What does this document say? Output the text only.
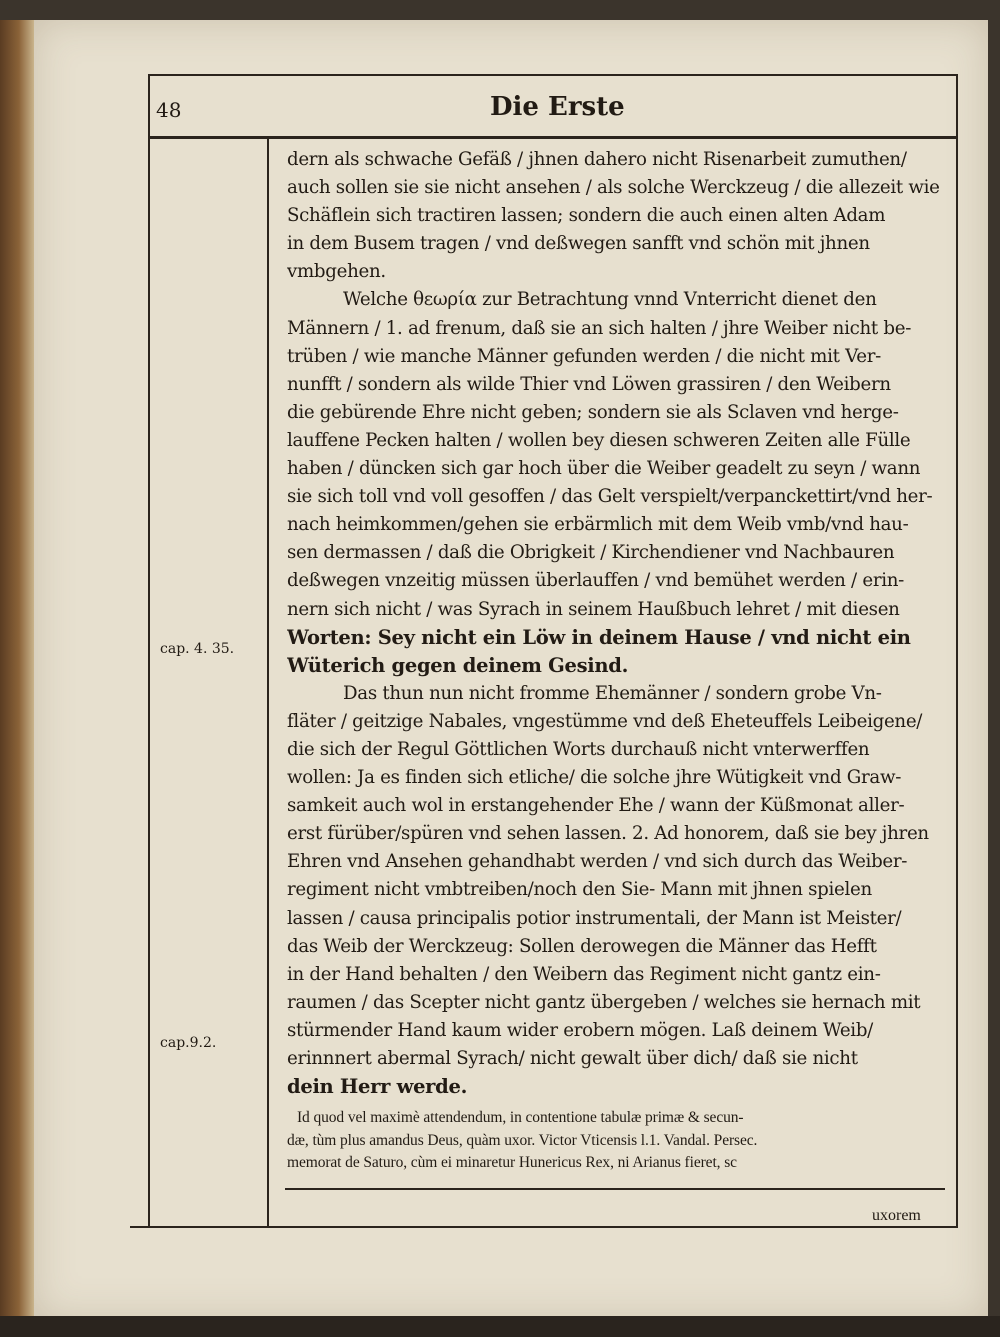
48	Die Erste
cap. 4. 35.
cap.9.2.
dern als schwache Gefäß / jhnen dahero nicht Risenarbeit zumuthen/
auch sollen sie sie nicht ansehen / als solche Werckzeug / die allezeit wie
Schäflein sich tractiren lassen; sondern die auch einen alten Adam
in dem Busem tragen / vnd deßwegen sanfft vnd schön mit jhnen
vmbgehen.
Welche θεωρία zur Betrachtung vnnd Vnterricht dienet den
Männern / 1. ad frenum, daß sie an sich halten / jhre Weiber nicht be-
trüben / wie manche Männer gefunden werden / die nicht mit Ver-
nunfft / sondern als wilde Thier vnd Löwen grassiren / den Weibern
die gebürende Ehre nicht geben; sondern sie als Sclaven vnd herge-
lauffene Pecken halten / wollen bey diesen schweren Zeiten alle Fülle
haben / düncken sich gar hoch über die Weiber geadelt zu seyn / wann
sie sich toll vnd voll gesoffen / das Gelt verspielt/verpanckettirt/vnd her-
nach heimkommen/gehen sie erbärmlich mit dem Weib vmb/vnd hau-
sen dermassen / daß die Obrigkeit / Kirchendiener vnd Nachbauren
deßwegen vnzeitig müssen überlauffen / vnd bemühet werden / erin-
nern sich nicht / was Syrach in seinem Haußbuch lehret / mit diesen
Worten: Sey nicht ein Löw in deinem Hause / vnd nicht ein
Wüterich gegen deinem Gesind.
Das thun nun nicht fromme Ehemänner / sondern grobe Vn-
fläter / geitzige Nabales, vngestümme vnd deß Eheteuffels Leibeigene/
die sich der Regul Göttlichen Worts durchauß nicht vnterwerffen
wollen: Ja es finden sich etliche/ die solche jhre Wütigkeit vnd Graw-
samkeit auch wol in erstangehender Ehe / wann der Küßmonat aller-
erst fürüber/spüren vnd sehen lassen. 2. Ad honorem, daß sie bey jhren
Ehren vnd Ansehen gehandhabt werden / vnd sich durch das Weiber-
regiment nicht vmbtreiben/noch den Sie- Mann mit jhnen spielen
lassen / causa principalis potior instrumentali, der Mann ist Meister/
das Weib der Werckzeug: Sollen derowegen die Männer das Hefft
in der Hand behalten / den Weibern das Regiment nicht gantz ein-
raumen / das Scepter nicht gantz übergeben / welches sie hernach mit
stürmender Hand kaum wider erobern mögen. Laß deinem Weib/
erinnnert abermal Syrach/ nicht gewalt über dich/ daß sie nicht
dein Herr werde.
Id quod vel maximè attendendum, in contentione tabulæ primæ & secun-
dæ, tùm plus amandus Deus, quàm uxor. Victor Vticensis l.1. Vandal. Persec.
memorat de Saturo, cùm ei minaretur Hunericus Rex, ni Arianus fieret, sc
uxorem
